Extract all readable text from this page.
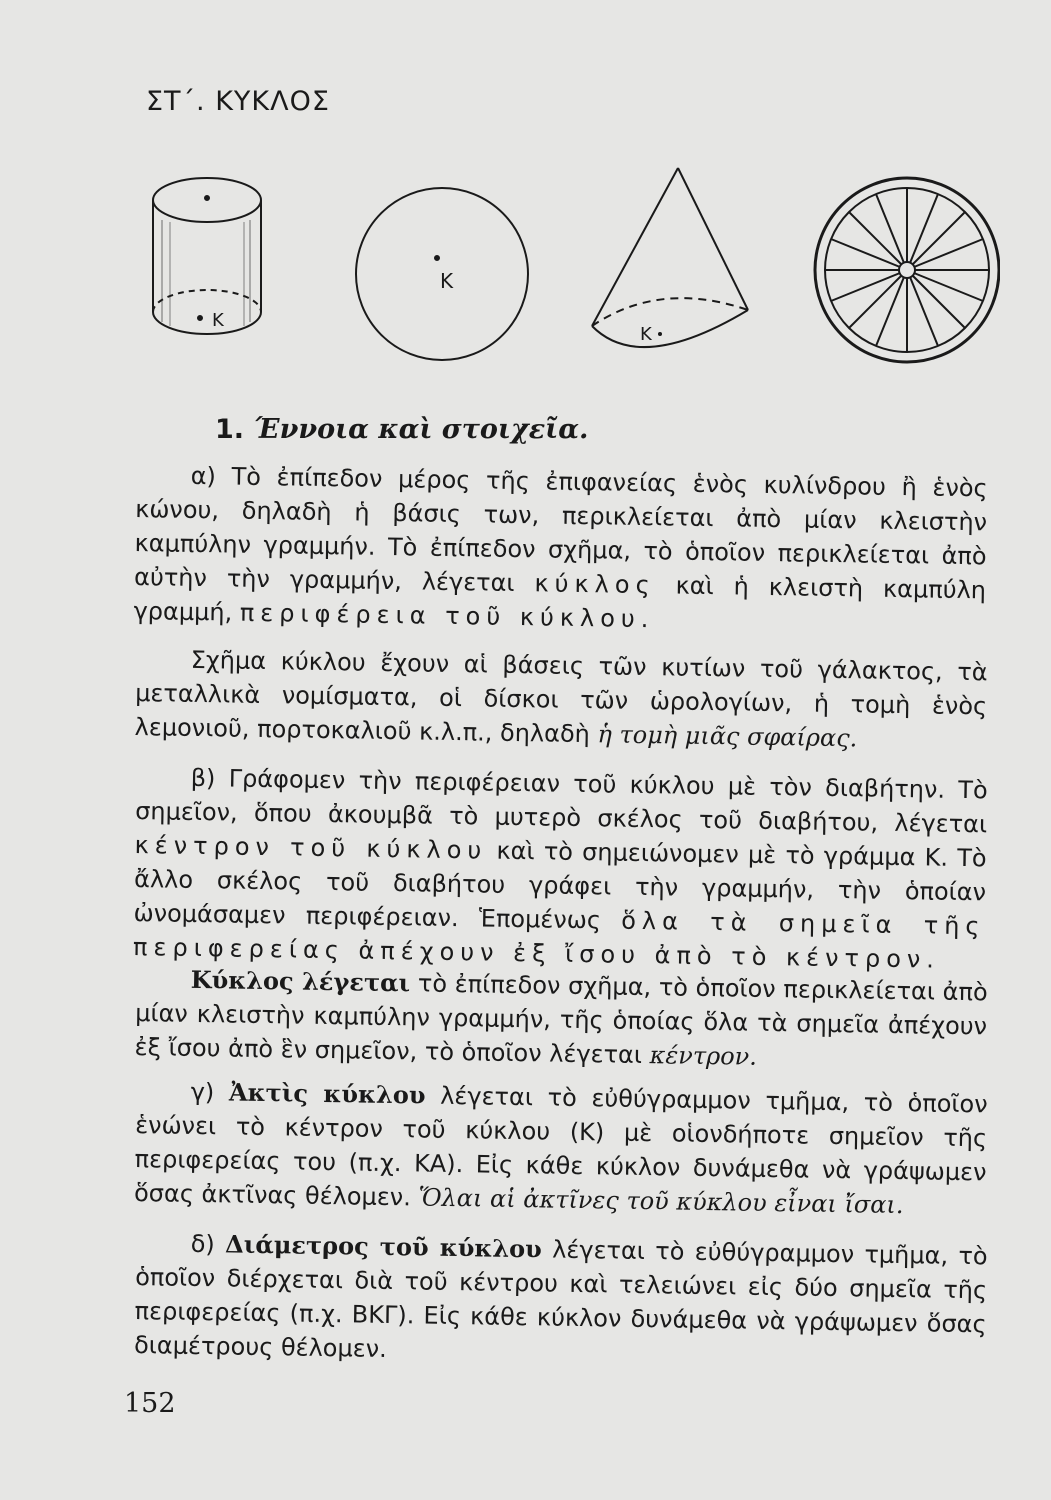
ΣΤ΄. ΚΥΚΛΟΣ
Κ
Κ
Κ
1. Έννοια καὶ στοιχεῖα.

α) Τὸ ἐπίπεδον μέρος τῆς ἐπιφανείας ἑνὸς κυλίνδρου ἢ ἑνὸς κώνου, δηλαδὴ ἡ βάσις των, περικλείεται ἀπὸ μίαν κλειστὴν καμπύλην γραμμήν. Τὸ ἐπίπεδον σχῆμα, τὸ ὁποῖον περικλείεται ἀπὸ αὐτὴν τὴν γραμμήν, λέγεται κύκλος καὶ ἡ κλειστὴ καμπύλη γραμμή, περιφέρεια τοῦ κύκλου.

Σχῆμα κύκλου ἔχουν αἱ βάσεις τῶν κυτίων τοῦ γάλακτος, τὰ μεταλλικὰ νομίσματα, οἱ δίσκοι τῶν ὡρολογίων, ἡ τομὴ ἑνὸς λεμονιοῦ, πορτοκαλιοῦ κ.λ.π., δηλαδὴ ἡ τομὴ μιᾶς σφαίρας.

β) Γράφομεν τὴν περιφέρειαν τοῦ κύκλου μὲ τὸν διαβήτην. Τὸ σημεῖον, ὅπου ἀκουμβᾶ τὸ μυτερὸ σκέλος τοῦ διαβήτου, λέγεται κέντρον τοῦ κύκλου καὶ τὸ σημειώνομεν μὲ τὸ γράμμα Κ. Τὸ ἄλλο σκέλος τοῦ διαβήτου γράφει τὴν γραμμήν, τὴν ὁποίαν ὠνομάσαμεν περιφέρειαν. Ἑπομένως ὅλα τὰ σημεῖα τῆς περιφερείας ἀπέχουν ἐξ ἴσου ἀπὸ τὸ κέντρον.

Κύκλος λέγεται τὸ ἐπίπεδον σχῆμα, τὸ ὁποῖον περικλείεται ἀπὸ μίαν κλειστὴν καμπύλην γραμμήν, τῆς ὁποίας ὅλα τὰ σημεῖα ἀπέχουν ἐξ ἴσου ἀπὸ ἓν σημεῖον, τὸ ὁποῖον λέγεται κέντρον.

γ) Ἀκτὶς κύκλου λέγεται τὸ εὐθύγραμμον τμῆμα, τὸ ὁποῖον ἑνώνει τὸ κέντρον τοῦ κύκλου (Κ) μὲ οἱονδήποτε σημεῖον τῆς περιφερείας του (π.χ. ΚΑ). Εἰς κάθε κύκλον δυνάμεθα νὰ γράψωμεν ὅσας ἀκτῖνας θέλομεν. Ὅλαι αἱ ἀκτῖνες τοῦ κύκλου εἶναι ἴσαι.

δ) Διάμετρος τοῦ κύκλου λέγεται τὸ εὐθύγραμμον τμῆμα, τὸ ὁποῖον διέρχεται διὰ τοῦ κέντρου καὶ τελειώνει εἰς δύο σημεῖα τῆς περιφερείας (π.χ. ΒΚΓ). Εἰς κάθε κύκλον δυνάμεθα νὰ γράψωμεν ὅσας διαμέτρους θέλομεν.

152
